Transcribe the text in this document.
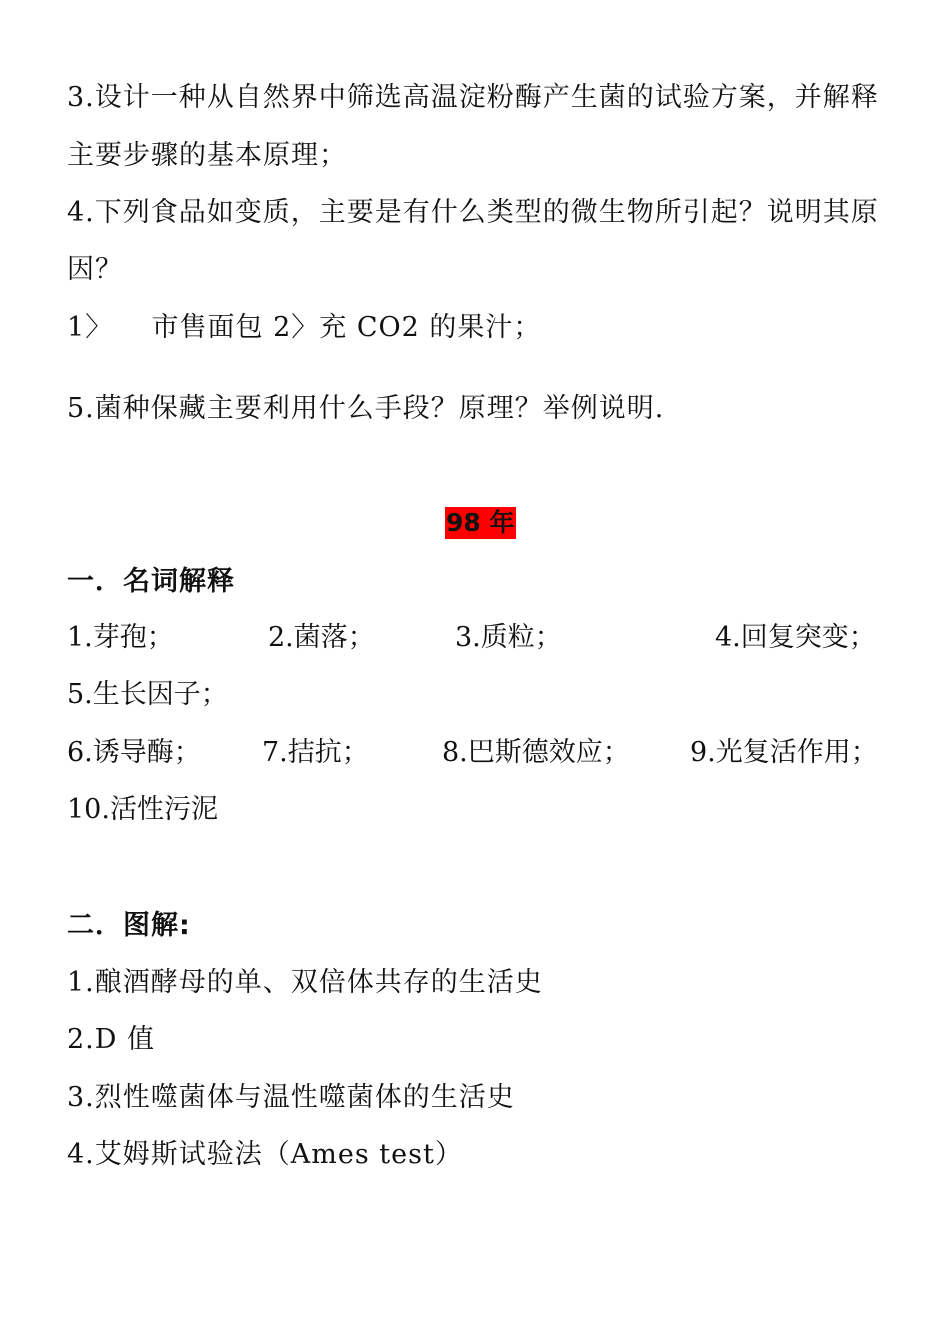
3.设计一种从自然界中筛选高温淀粉酶产生菌的试验方案，并解释
主要步骤的基本原理；
4.下列食品如变质，主要是有什么类型的微生物所引起？说明其原
因？
1〉    市售面包 2〉充 CO2 的果汁；
5.菌种保藏主要利用什么手段？原理？举例说明.
98 年
一．名词解释
1.芽孢；	2.菌落；	3.质粒；	4.回复突变；
5.生长因子；
6.诱导酶； 7.拮抗；	8.巴斯德效应； 9.光复活作用；
10.活性污泥
二．图解:
1.酿酒酵母的单、双倍体共存的生活史
2.D 值
3.烈性噬菌体与温性噬菌体的生活史
4.艾姆斯试验法（Ames test）
